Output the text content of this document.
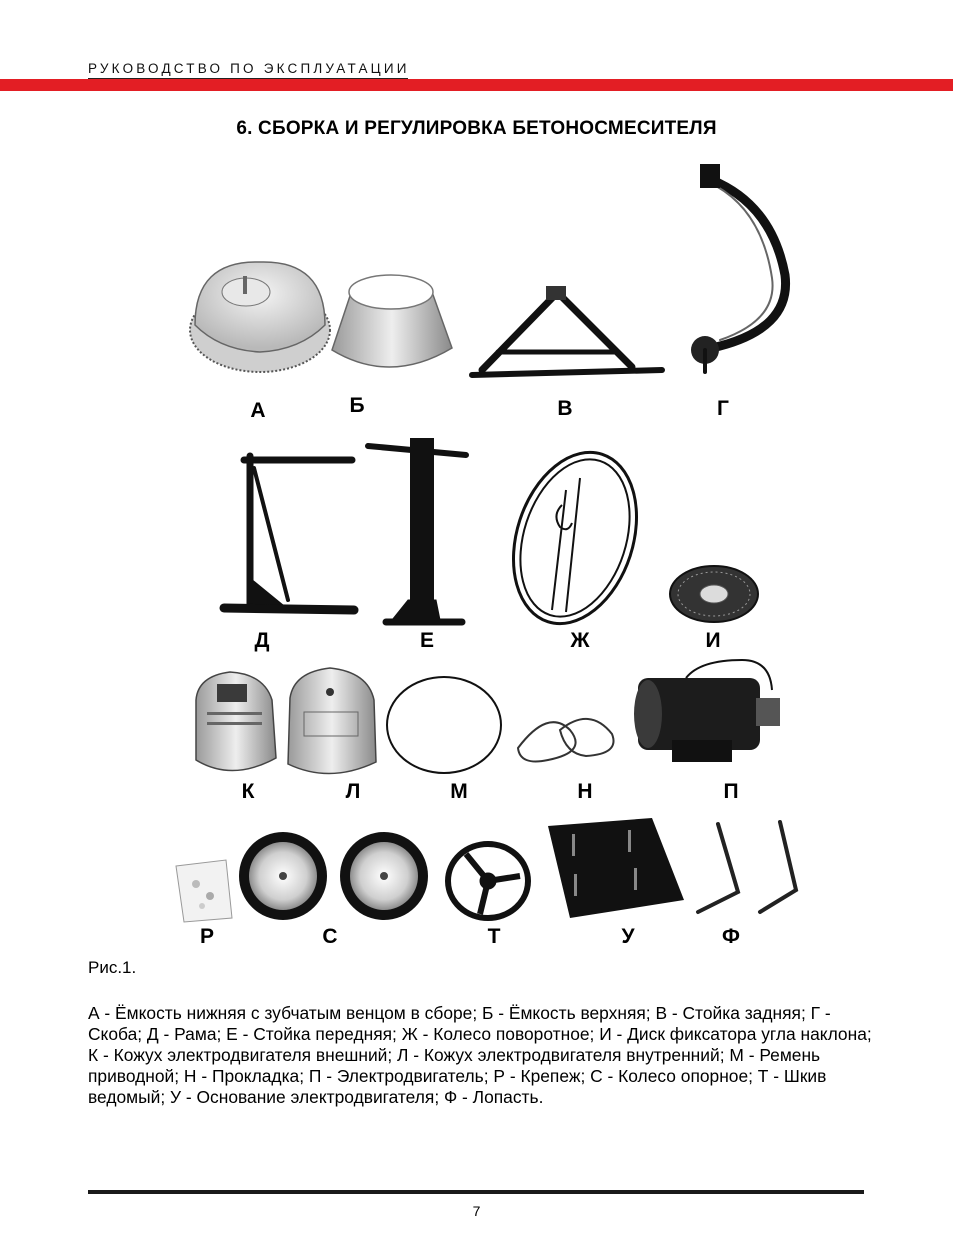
РУКОВОДСТВО ПО ЭКСПЛУАТАЦИИ
6. СБОРКА И РЕГУЛИРОВКА БЕТОНОСМЕСИТЕЛЯ
А	Б	В	Г
Д	Е	Ж	И
К	Л	М	Н	П
Р	С	Т	У	Ф
Рис.1.
А - Ёмкость нижняя с зубчатым венцом в сборе; Б - Ёмкость верхняя; В - Стойка задняя; Г - Скоба; Д - Рама; Е - Стойка передняя; Ж - Колесо поворотное; И - Диск фиксатора угла наклона; К - Кожух электродвигателя внешний; Л - Кожух электродвигателя внутренний; М - Ремень приводной; Н - Прокладка; П - Электродвигатель; Р - Крепеж; С - Колесо опорное; Т - Шкив ведомый; У - Основание электродвигателя; Ф - Лопасть.
7
